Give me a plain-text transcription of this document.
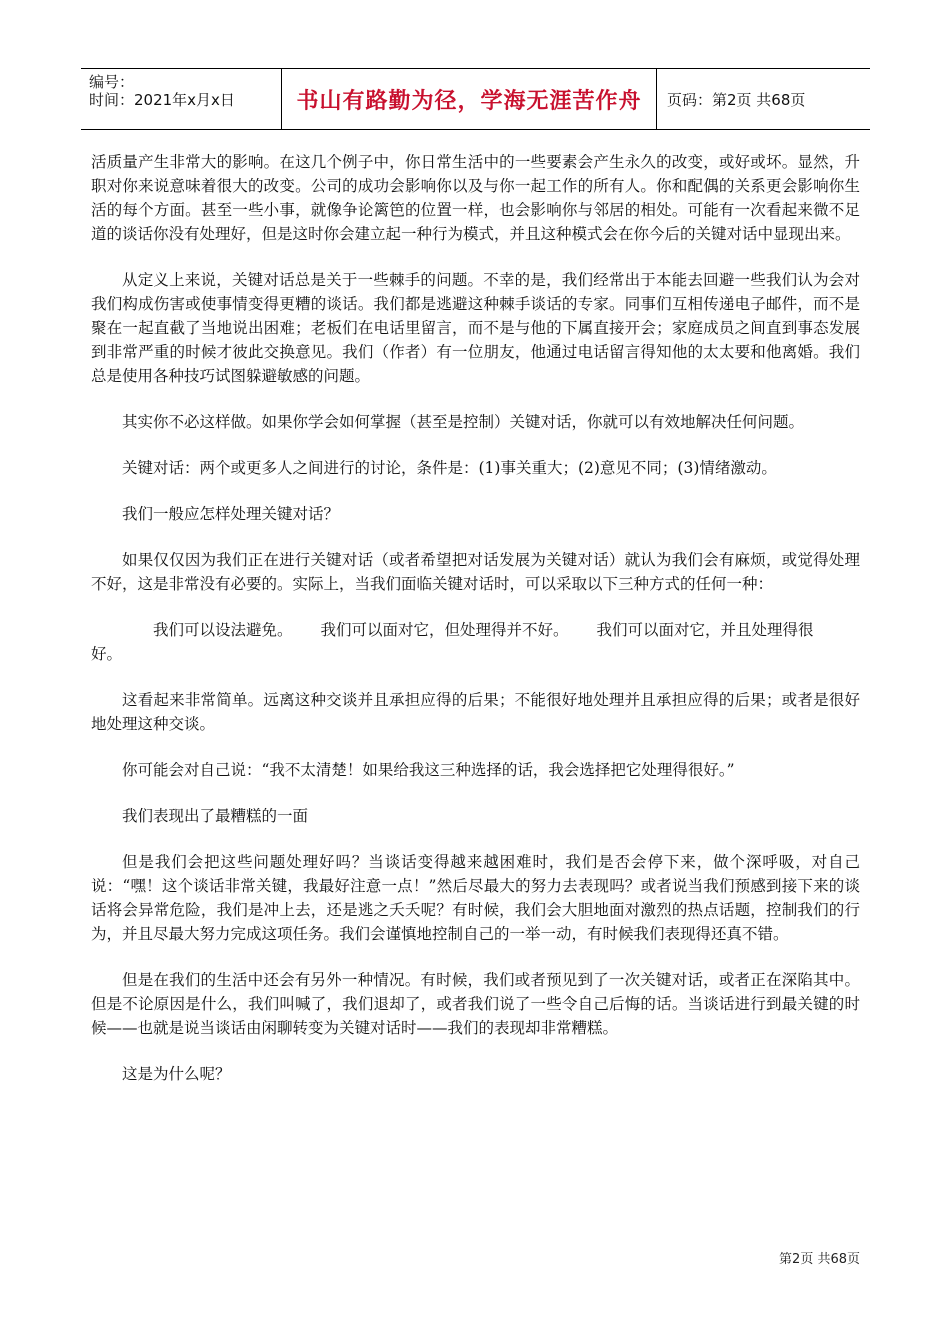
编号：
时间：2021年x月x日	书山有路勤为径，学海无涯苦作舟	页码：第2页 共68页

活质量产生非常大的影响。在这几个例子中，你日常生活中的一些要素会产生永久的改变，或好或坏。显然，升职对你来说意味着很大的改变。公司的成功会影响你以及与你一起工作的所有人。你和配偶的关系更会影响你生活的每个方面。甚至一些小事，就像争论篱笆的位置一样，也会影响你与邻居的相处。可能有一次看起来微不足道的谈话你没有处理好，但是这时你会建立起一种行为模式，并且这种模式会在你今后的关键对话中显现出来。

从定义上来说，关键对话总是关于一些棘手的问题。不幸的是，我们经常出于本能去回避一些我们认为会对我们构成伤害或使事情变得更糟的谈话。我们都是逃避这种棘手谈话的专家。同事们互相传递电子邮件，而不是聚在一起直截了当地说出困难；老板们在电话里留言，而不是与他的下属直接开会；家庭成员之间直到事态发展到非常严重的时候才彼此交换意见。我们（作者）有一位朋友，他通过电话留言得知他的太太要和他离婚。我们总是使用各种技巧试图躲避敏感的问题。

其实你不必这样做。如果你学会如何掌握（甚至是控制）关键对话，你就可以有效地解决任何问题。

关键对话：两个或更多人之间进行的讨论，条件是：(1)事关重大；(2)意见不同；(3)情绪激动。

我们一般应怎样处理关键对话？

如果仅仅因为我们正在进行关键对话（或者希望把对话发展为关键对话）就认为我们会有麻烦，或觉得处理不好，这是非常没有必要的。实际上，当我们面临关键对话时，可以采取以下三种方式的任何一种：

我们可以设法避免。 我们可以面对它，但处理得并不好。 我们可以面对它，并且处理得很好。

这看起来非常简单。远离这种交谈并且承担应得的后果；不能很好地处理并且承担应得的后果；或者是很好地处理这种交谈。

你可能会对自己说：“我不太清楚！如果给我这三种选择的话，我会选择把它处理得很好。”

我们表现出了最糟糕的一面

但是我们会把这些问题处理好吗？当谈话变得越来越困难时，我们是否会停下来，做个深呼吸，对自己说：“嘿！这个谈话非常关键，我最好注意一点！”然后尽最大的努力去表现吗？或者说当我们预感到接下来的谈话将会异常危险，我们是冲上去，还是逃之夭夭呢？有时候，我们会大胆地面对激烈的热点话题，控制我们的行为，并且尽最大努力完成这项任务。我们会谨慎地控制自己的一举一动，有时候我们表现得还真不错。

但是在我们的生活中还会有另外一种情况。有时候，我们或者预见到了一次关键对话，或者正在深陷其中。但是不论原因是什么，我们叫喊了，我们退却了，或者我们说了一些令自己后悔的话。当谈话进行到最关键的时候——也就是说当谈话由闲聊转变为关键对话时——我们的表现却非常糟糕。

这是为什么呢？

第2页 共68页
